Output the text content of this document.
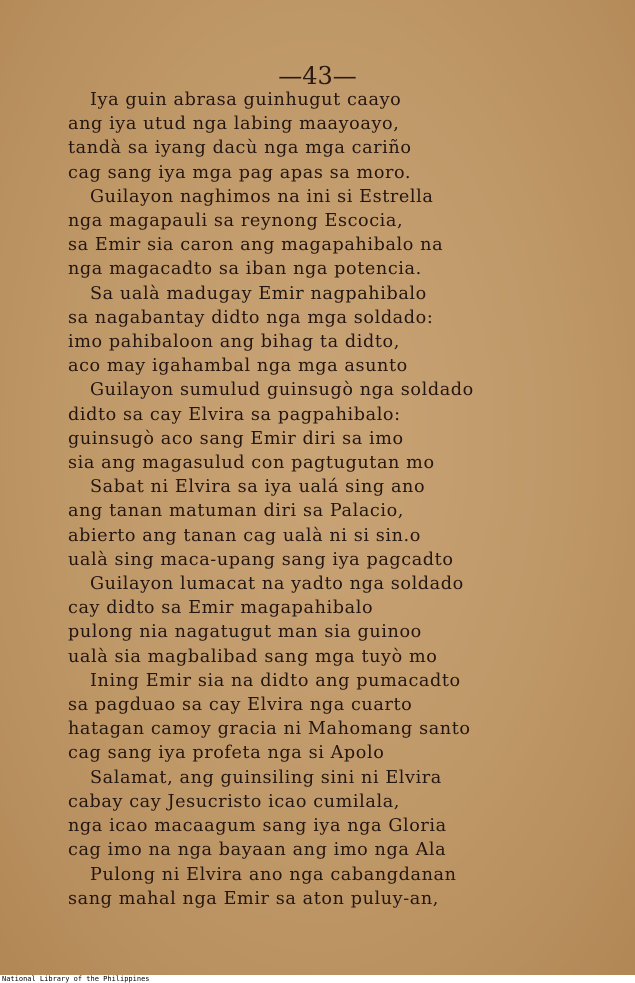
—43—
Iya guin abrasa guinhugut caayo
ang iya utud nga labing maayoayo,
tandà sa iyang dacù nga mga cariño
cag sang iya mga pag apas sa moro.
Guilayon naghimos na ini si Estrella
nga magapauli sa reynong Escocia,
sa Emir sia caron ang magapahibalo na
nga magacadto sa iban nga potencia.
Sa ualà madugay Emir nagpahibalo
sa nagabantay didto nga mga soldado:
imo pahibaloon ang bihag ta didto,
aco may igahambal nga mga asunto
Guilayon sumulud guinsugò nga soldado
didto sa cay Elvira sa pagpahibalo:
guinsugò aco sang Emir diri sa imo
sia ang magasulud con pagtugutan mo
Sabat ni Elvira sa iya ualá sing ano
ang tanan matuman diri sa Palacio,
abierto ang tanan cag ualà ni si sin.o
ualà sing maca-upang sang iya pagcadto
Guilayon lumacat na yadto nga soldado
cay didto sa Emir magapahibalo
pulong nia nagatugut man sia guinoo
ualà sia magbalibad sang mga tuyò mo
Ining Emir sia na didto ang pumacadto
sa pagduao sa cay Elvira nga cuarto
hatagan camoy gracia ni Mahomang santo
cag sang iya profeta nga si Apolo
Salamat, ang guinsiling sini ni Elvira
cabay cay Jesucristo icao cumilala,
nga icao macaagum sang iya nga Gloria
cag imo na nga bayaan ang imo nga Ala
Pulong ni Elvira ano nga cabangdanan
sang mahal nga Emir sa aton puluy-an,
National Library of the Philippines
